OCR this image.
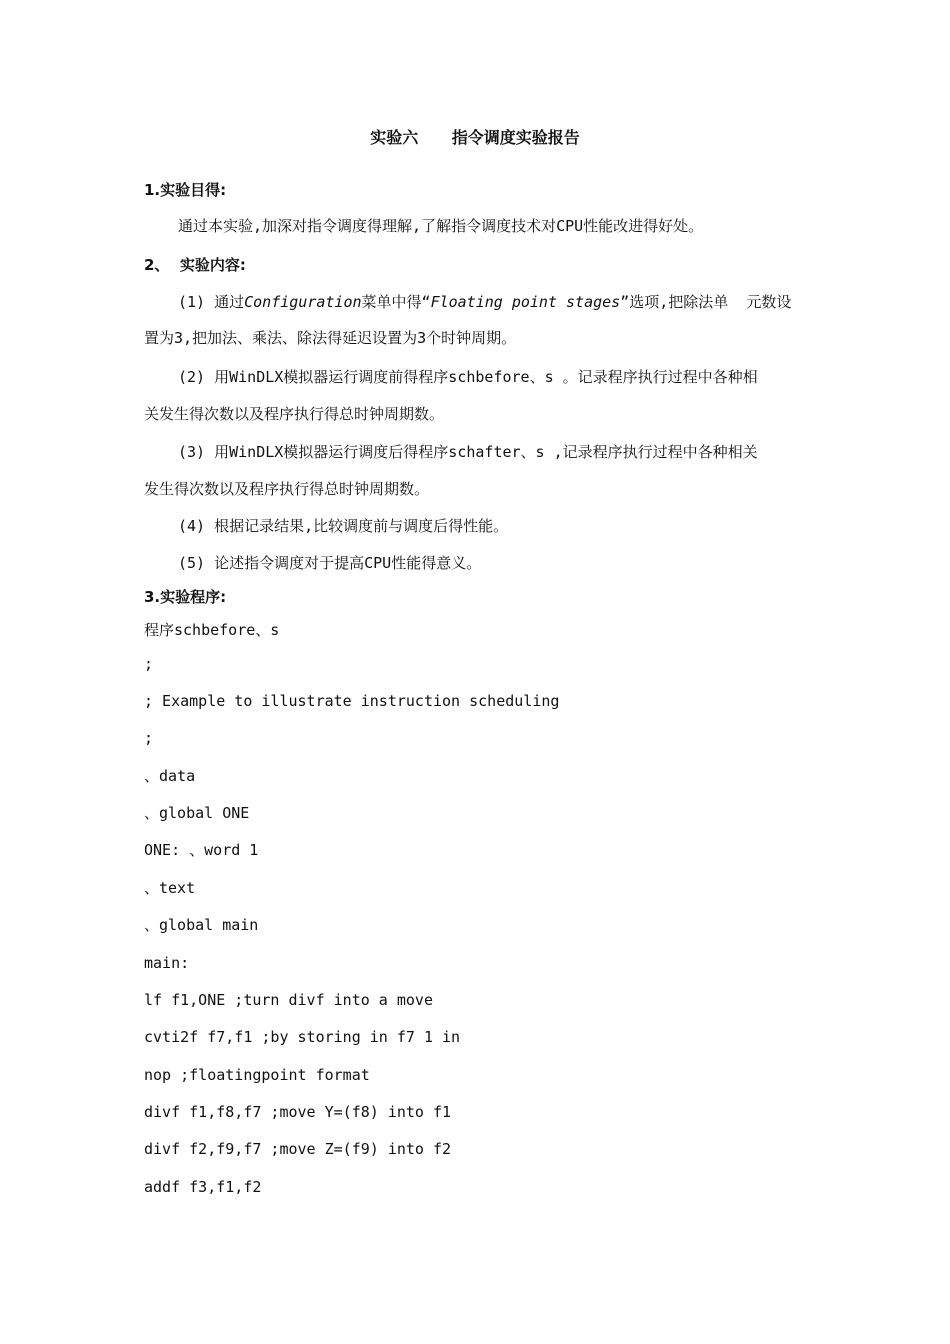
实验六      指令调度实验报告
1.实验目得:
通过本实验,加深对指令调度得理解,了解指令调度技术对CPU性能改进得好处。
2、  实验内容:
(1) 通过Configuration菜单中得“Floating point stages”选项,把除法单  元数设
置为3,把加法、乘法、除法得延迟设置为3个时钟周期。
(2) 用WinDLX模拟器运行调度前得程序schbefore、s 。记录程序执行过程中各种相
关发生得次数以及程序执行得总时钟周期数。
(3) 用WinDLX模拟器运行调度后得程序schafter、s ,记录程序执行过程中各种相关
发生得次数以及程序执行得总时钟周期数。
(4) 根据记录结果,比较调度前与调度后得性能。
(5) 论述指令调度对于提高CPU性能得意义。
3.实验程序:
程序schbefore、s
;
; Example to illustrate instruction scheduling
;
、data
、global ONE
ONE: 、word 1
、text
、global main
main:
lf f1,ONE ;turn divf into a move
cvti2f f7,f1 ;by storing in f7 1 in
nop ;floatingpoint format
divf f1,f8,f7 ;move Y=(f8) into f1
divf f2,f9,f7 ;move Z=(f9) into f2
addf f3,f1,f2
